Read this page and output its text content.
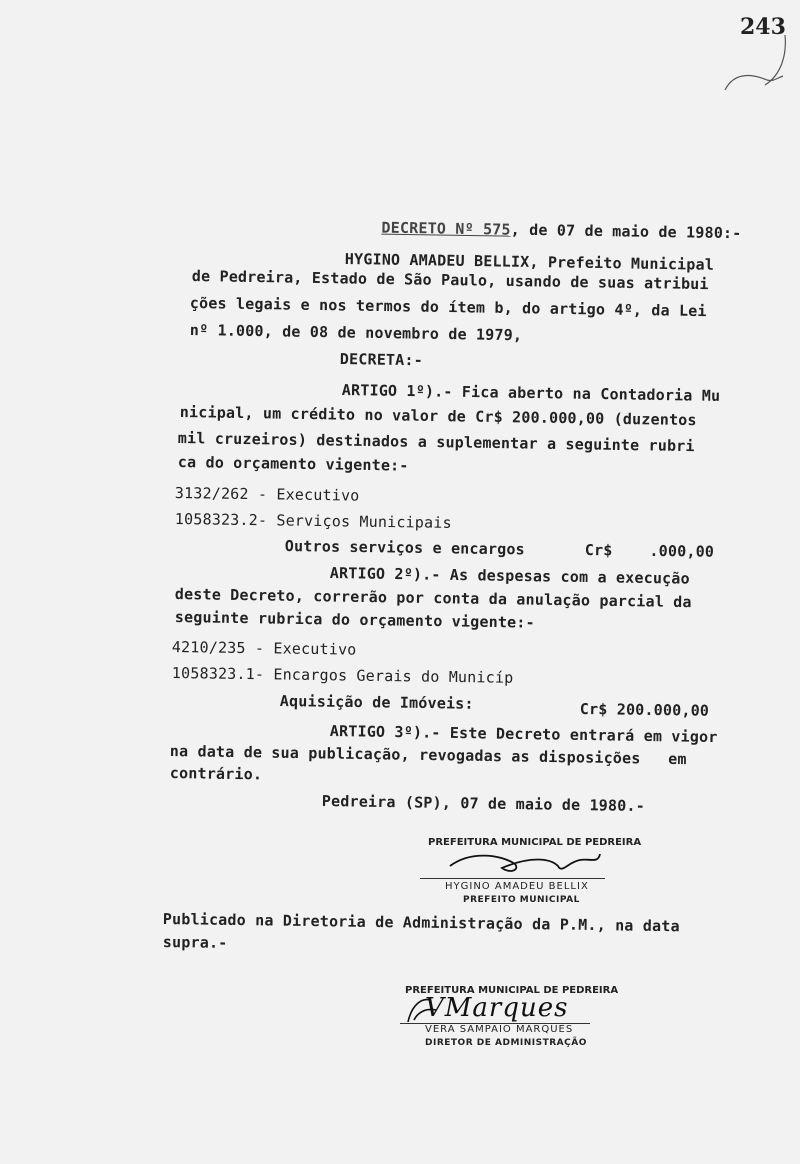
243

DECRETO Nº 575, de 07 de maio de 1980:-

HYGINO AMADEU BELLIX, Prefeito Municipal
de Pedreira, Estado de São Paulo, usando de suas atribui
ções legais e nos termos do ítem b, do artigo 4º, da Lei
nº 1.000, de 08 de novembro de 1979,
DECRETA:-
ARTIGO 1º).- Fica aberto na Contadoria Mu
nicipal, um crédito no valor de Cr$ 200.000,00 (duzentos
mil cruzeiros) destinados a suplementar a seguinte rubri
ca do orçamento vigente:-
3132/262 - Executivo
1058323.2- Serviços Municipais
Outros serviços e encargos	Cr$    .000,00
ARTIGO 2º).- As despesas com a execução
deste Decreto, correrão por conta da anulação parcial da
seguinte rubrica do orçamento vigente:-
4210/235 - Executivo
1058323.1- Encargos Gerais do Municíp
Aquisição de Imóveis:	Cr$ 200.000,00
ARTIGO 3º).- Este Decreto entrará em vigor
na data de sua publicação, revogadas as disposições   em
contrário.
Pedreira (SP), 07 de maio de 1980.-
PREFEITURA MUNICIPAL DE PEDREIRA
HYGINO AMADEU BELLIX
PREFEITO MUNICIPAL
Publicado na Diretoria de Administração da P.M., na data
supra.-
PREFEITURA MUNICIPAL DE PEDREIRA
VMarques
VERA SAMPAIO MARQUES
DIRETOR DE ADMINISTRAÇÃO
